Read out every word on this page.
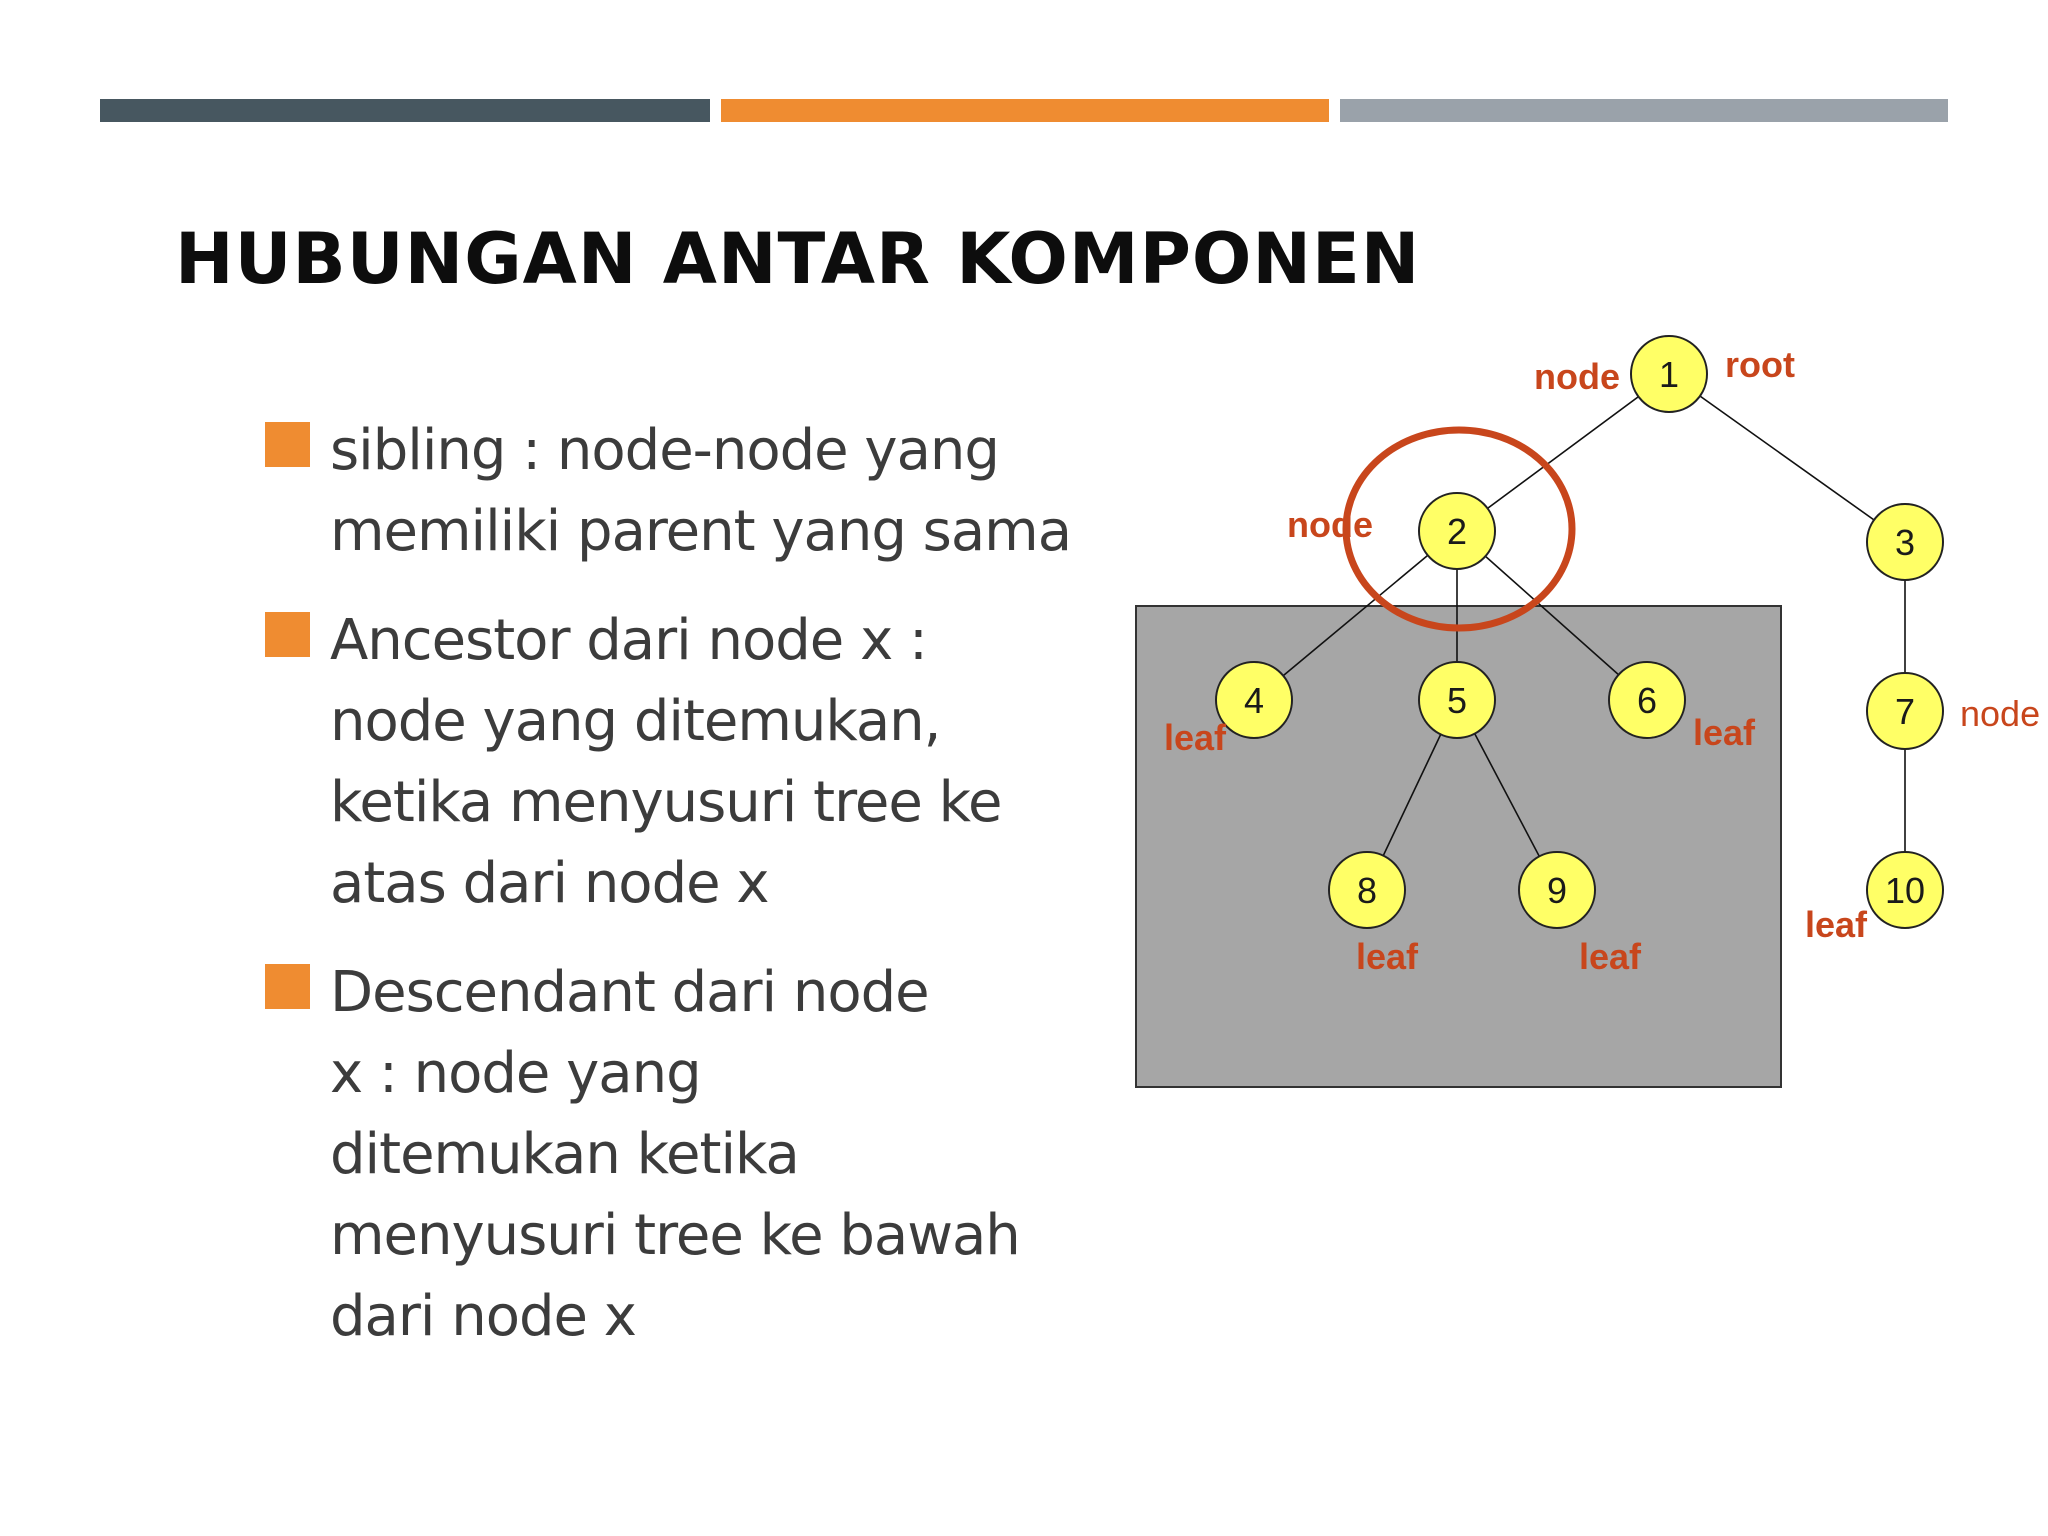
HUBUNGAN ANTAR KOMPONEN
sibling : node-node yang
memiliki parent yang sama
Ancestor dari node x :
node yang ditemukan,
ketika menyusuri tree ke
atas dari node x
Descendant dari node
x : node yang
ditemukan ketika
menyusuri tree ke bawah
dari node x
1
2	3
4	5	6	7
8	9	10
node	root
node
node
leaf	leaf
leaf	leaf
leaf
